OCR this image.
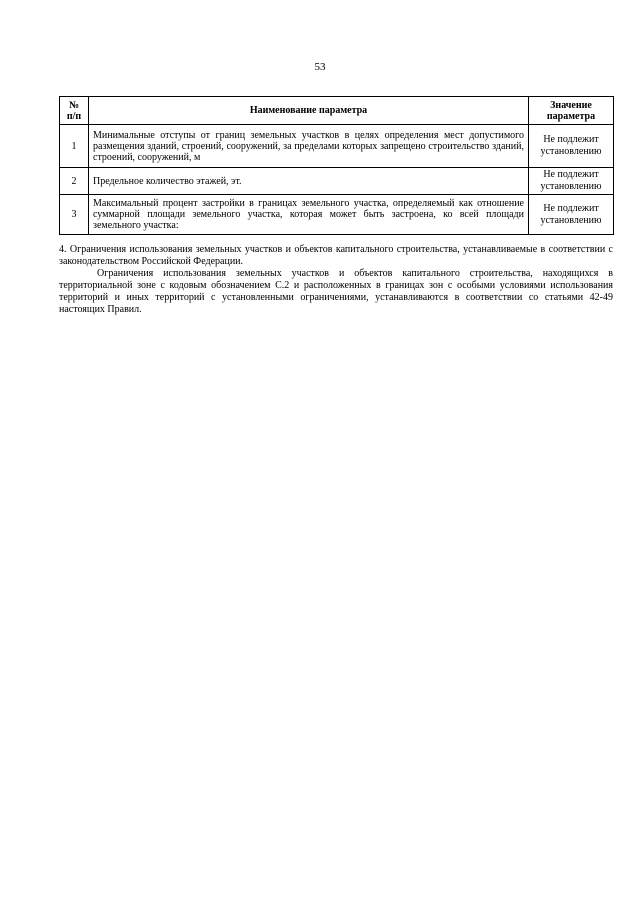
53
№ п/п	Наименование параметра	Значение параметра
1	Минимальные отступы от границ земельных участков в целях определения мест допустимого размещения зданий, строений, сооружений, за пределами которых запрещено строительство зданий, строений, сооружений, м	Не подлежит установлению
2	Предельное количество этажей, эт.	Не подлежит установлению
3	Максимальный процент застройки в границах земельного участка, определяемый как отношение суммарной площади земельного участка, которая может быть застроена, ко всей площади земельного участка:	Не подлежит установлению

4. Ограничения использования земельных участков и объектов капитального строительства, устанавливаемые в соответствии с законодательством Российской Федерации.

Ограничения использования земельных участков и объектов капитального строительства, находящихся в территориальной зоне с кодовым обозначением С.2 и расположенных в границах зон с особыми условиями использования территорий и иных территорий с установленными ограничениями, устанавливаются в соответствии со статьями 42-49 настоящих Правил.
